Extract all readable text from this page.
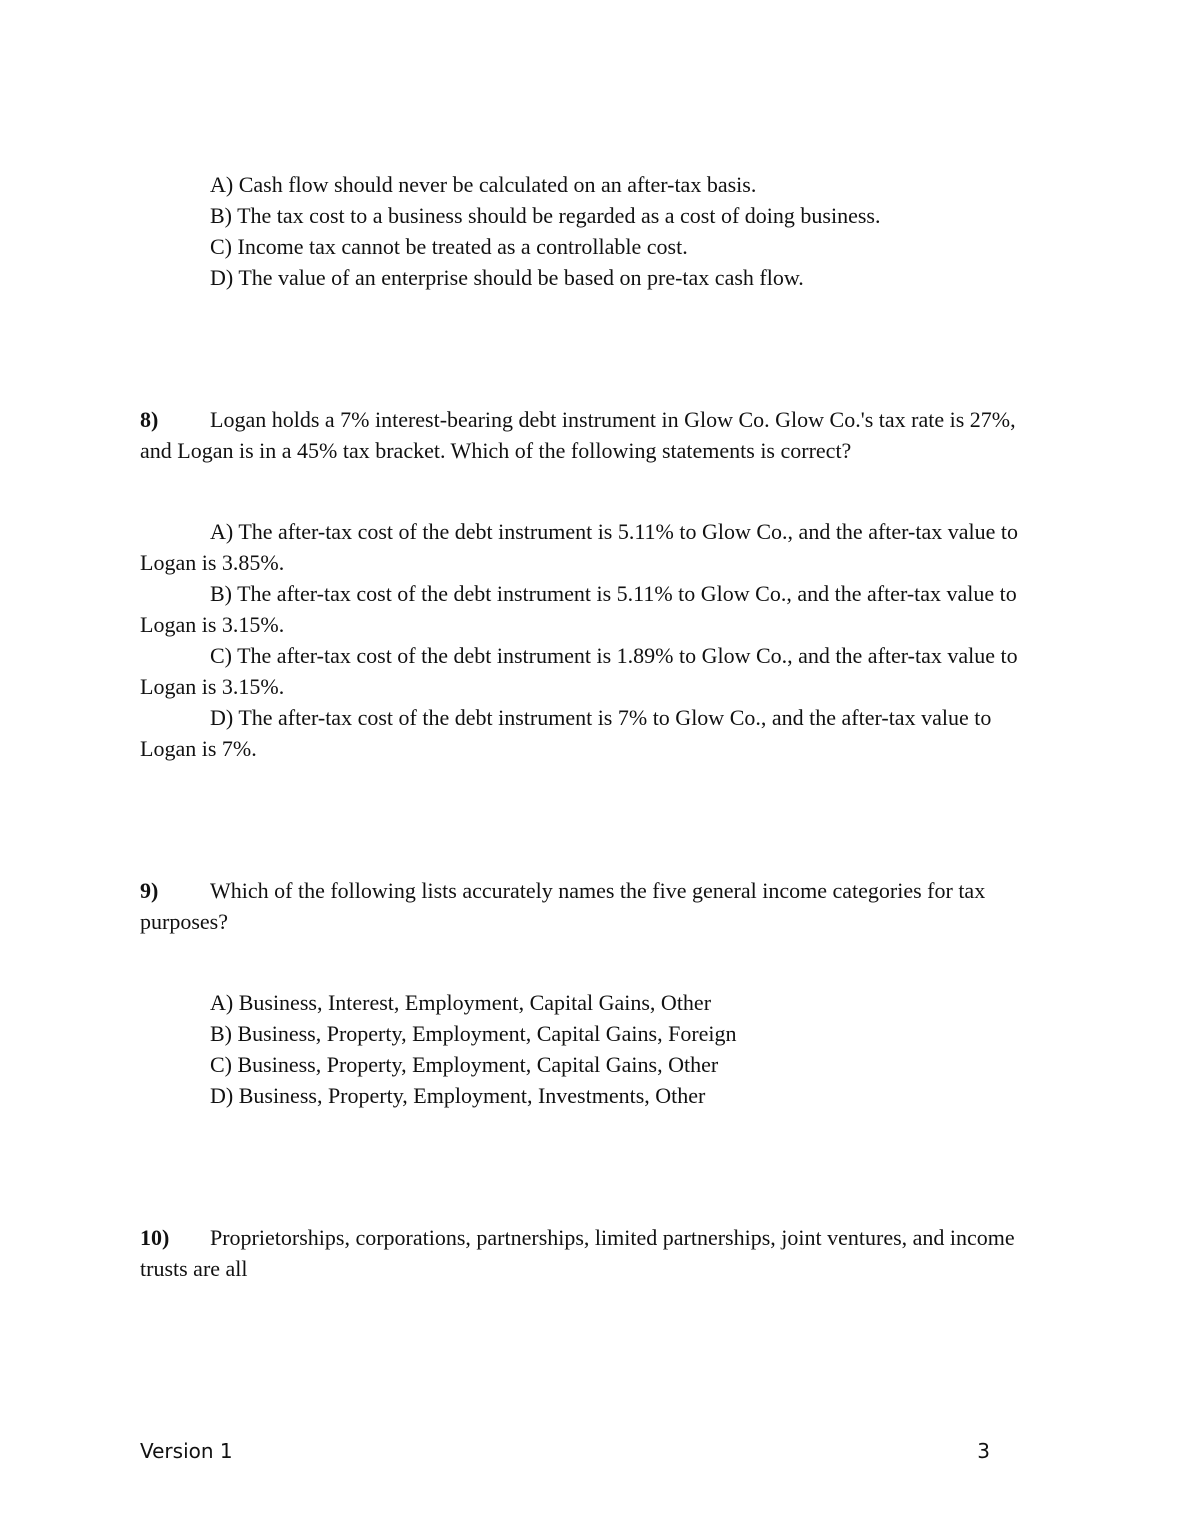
A) Cash flow should never be calculated on an after-tax basis.

B) The tax cost to a business should be regarded as a cost of doing business.

C) Income tax cannot be treated as a controllable cost.

D) The value of an enterprise should be based on pre-tax cash flow.

8) Logan holds a 7% interest-bearing debt instrument in Glow Co. Glow Co.'s tax rate is 27%, and Logan is in a 45% tax bracket. Which of the following statements is correct?

A) The after-tax cost of the debt instrument is 5.11% to Glow Co., and the after-tax value to Logan is 3.85%.

B) The after-tax cost of the debt instrument is 5.11% to Glow Co., and the after-tax value to Logan is 3.15%.

C) The after-tax cost of the debt instrument is 1.89% to Glow Co., and the after-tax value to Logan is 3.15%.

D) The after-tax cost of the debt instrument is 7% to Glow Co., and the after-tax value to Logan is 7%.

9) Which of the following lists accurately names the five general income categories for tax purposes?

A) Business, Interest, Employment, Capital Gains, Other

B) Business, Property, Employment, Capital Gains, Foreign

C) Business, Property, Employment, Capital Gains, Other

D) Business, Property, Employment, Investments, Other

10) Proprietorships, corporations, partnerships, limited partnerships, joint ventures, and income trusts are all

Version 1	3
